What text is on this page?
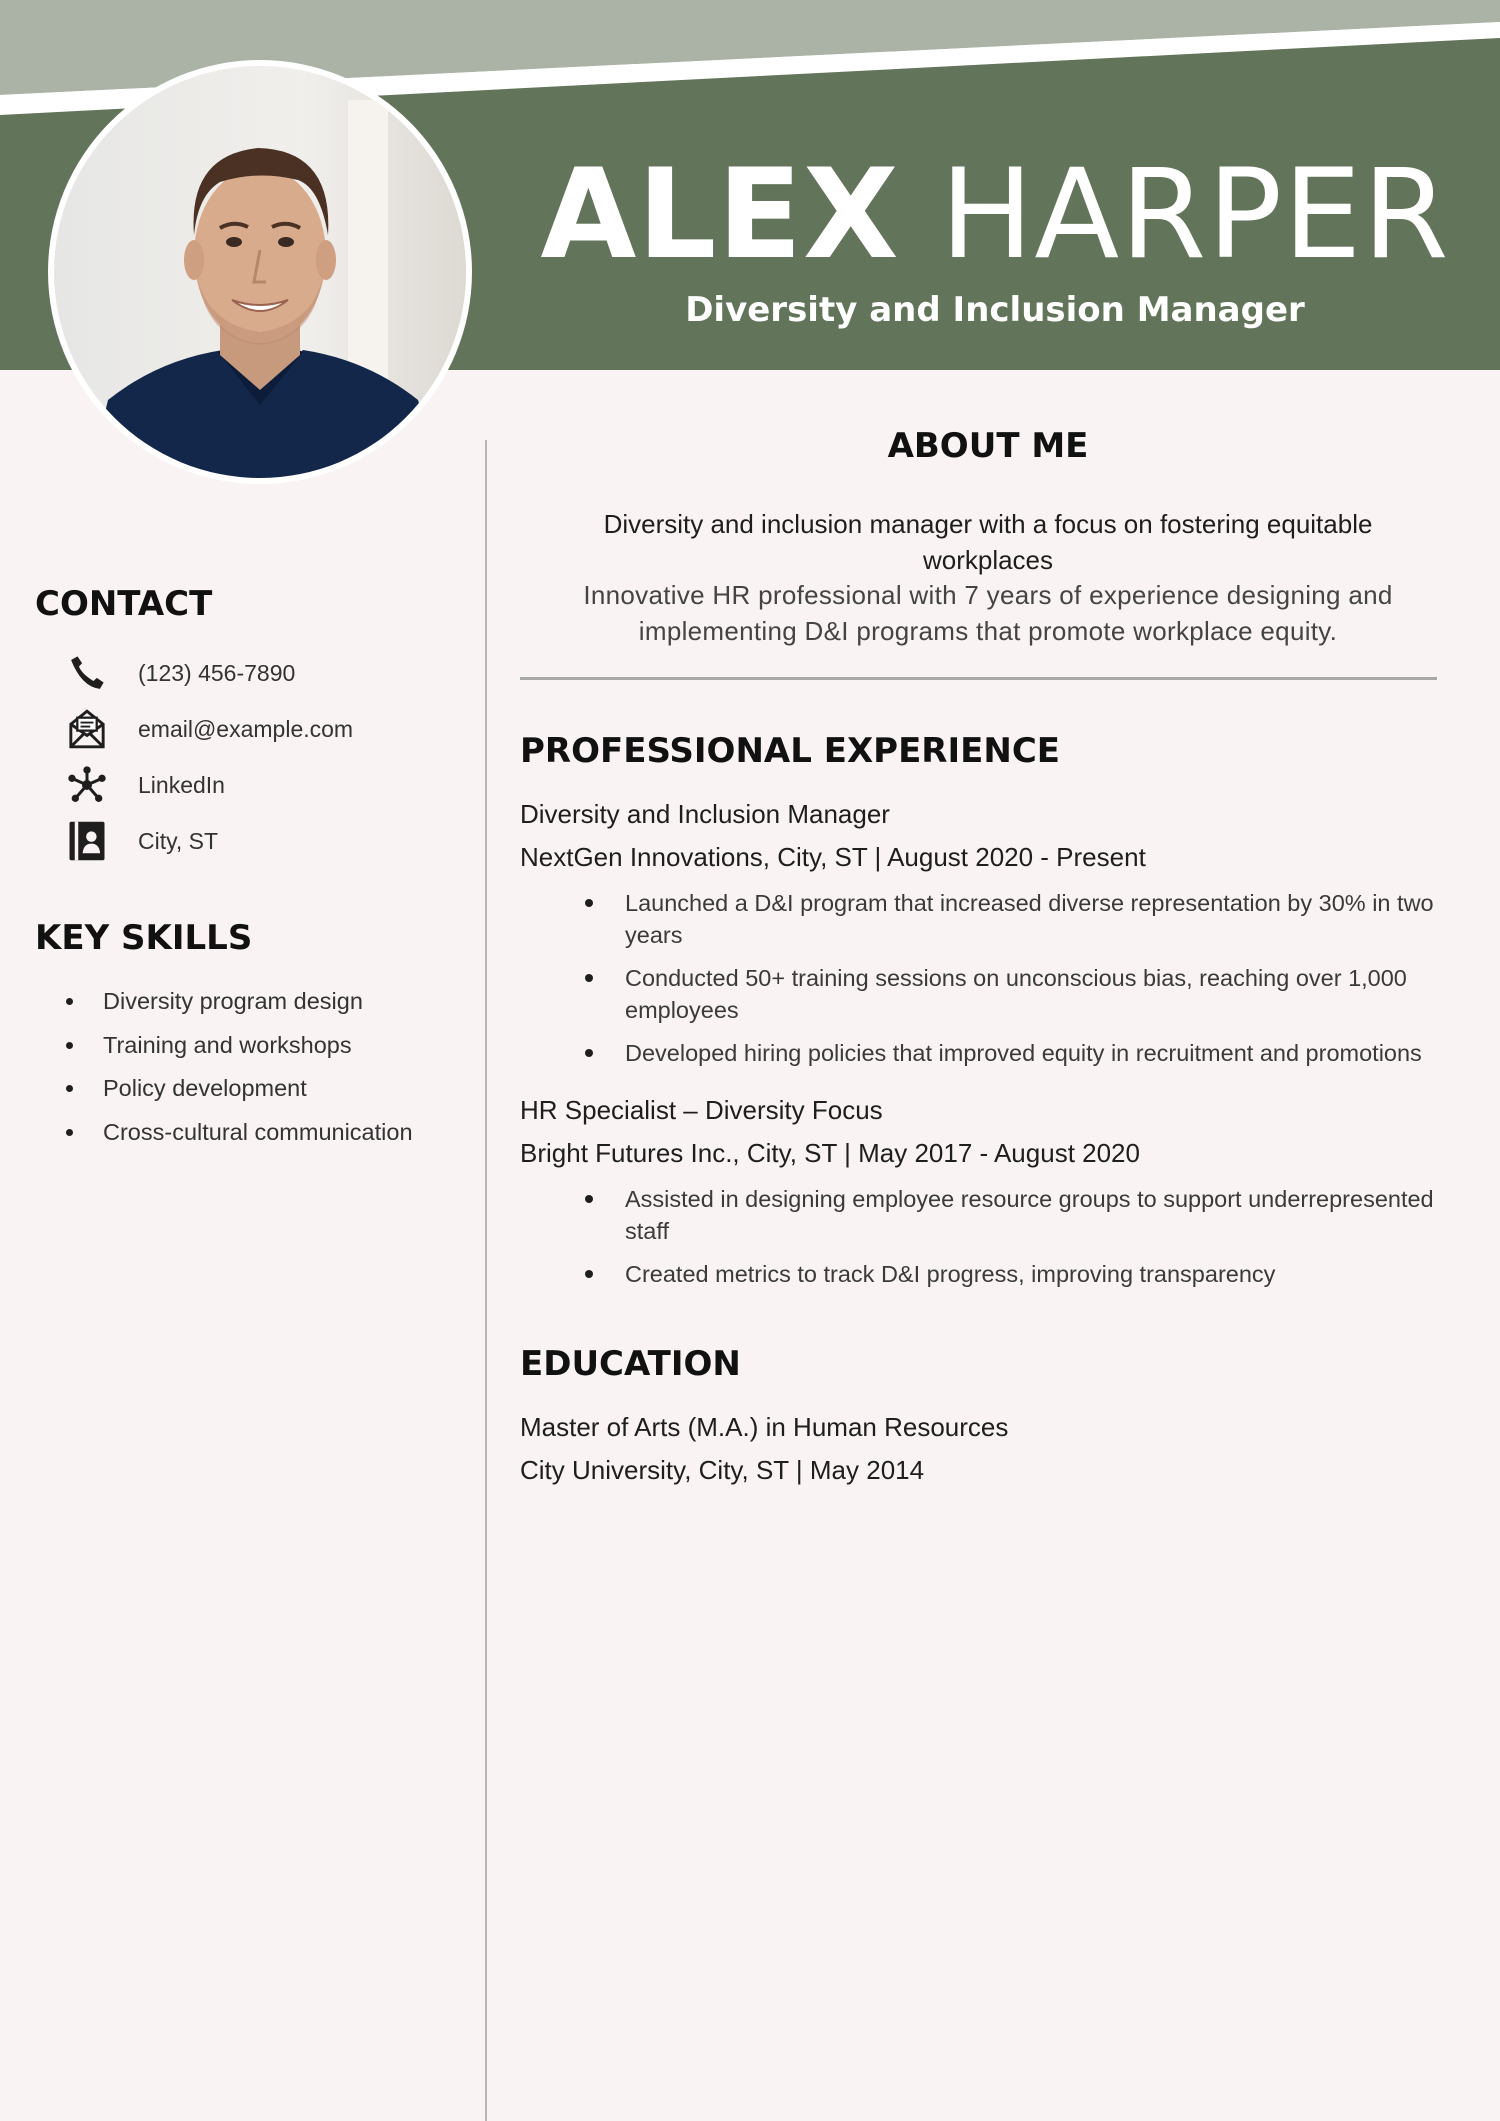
ALEX HARPER
Diversity and Inclusion Manager
CONTACT
(123) 456-7890
email@example.com
LinkedIn
City, ST
KEY SKILLS
Diversity program design
Training and workshops
Policy development
Cross-cultural communication
ABOUT ME
Diversity and inclusion manager with a focus on fostering equitable workplaces
Innovative HR professional with 7 years of experience designing and implementing D&I programs that promote workplace equity.
PROFESSIONAL EXPERIENCE
Diversity and Inclusion Manager
NextGen Innovations, City, ST | August 2020 - Present
Launched a D&I program that increased diverse representation by 30% in two years
Conducted 50+ training sessions on unconscious bias, reaching over 1,000 employees
Developed hiring policies that improved equity in recruitment and promotions
HR Specialist – Diversity Focus
Bright Futures Inc., City, ST | May 2017 - August 2020
Assisted in designing employee resource groups to support underrepresented staff
Created metrics to track D&I progress, improving transparency
EDUCATION
Master of Arts (M.A.) in Human Resources
City University, City, ST | May 2014
